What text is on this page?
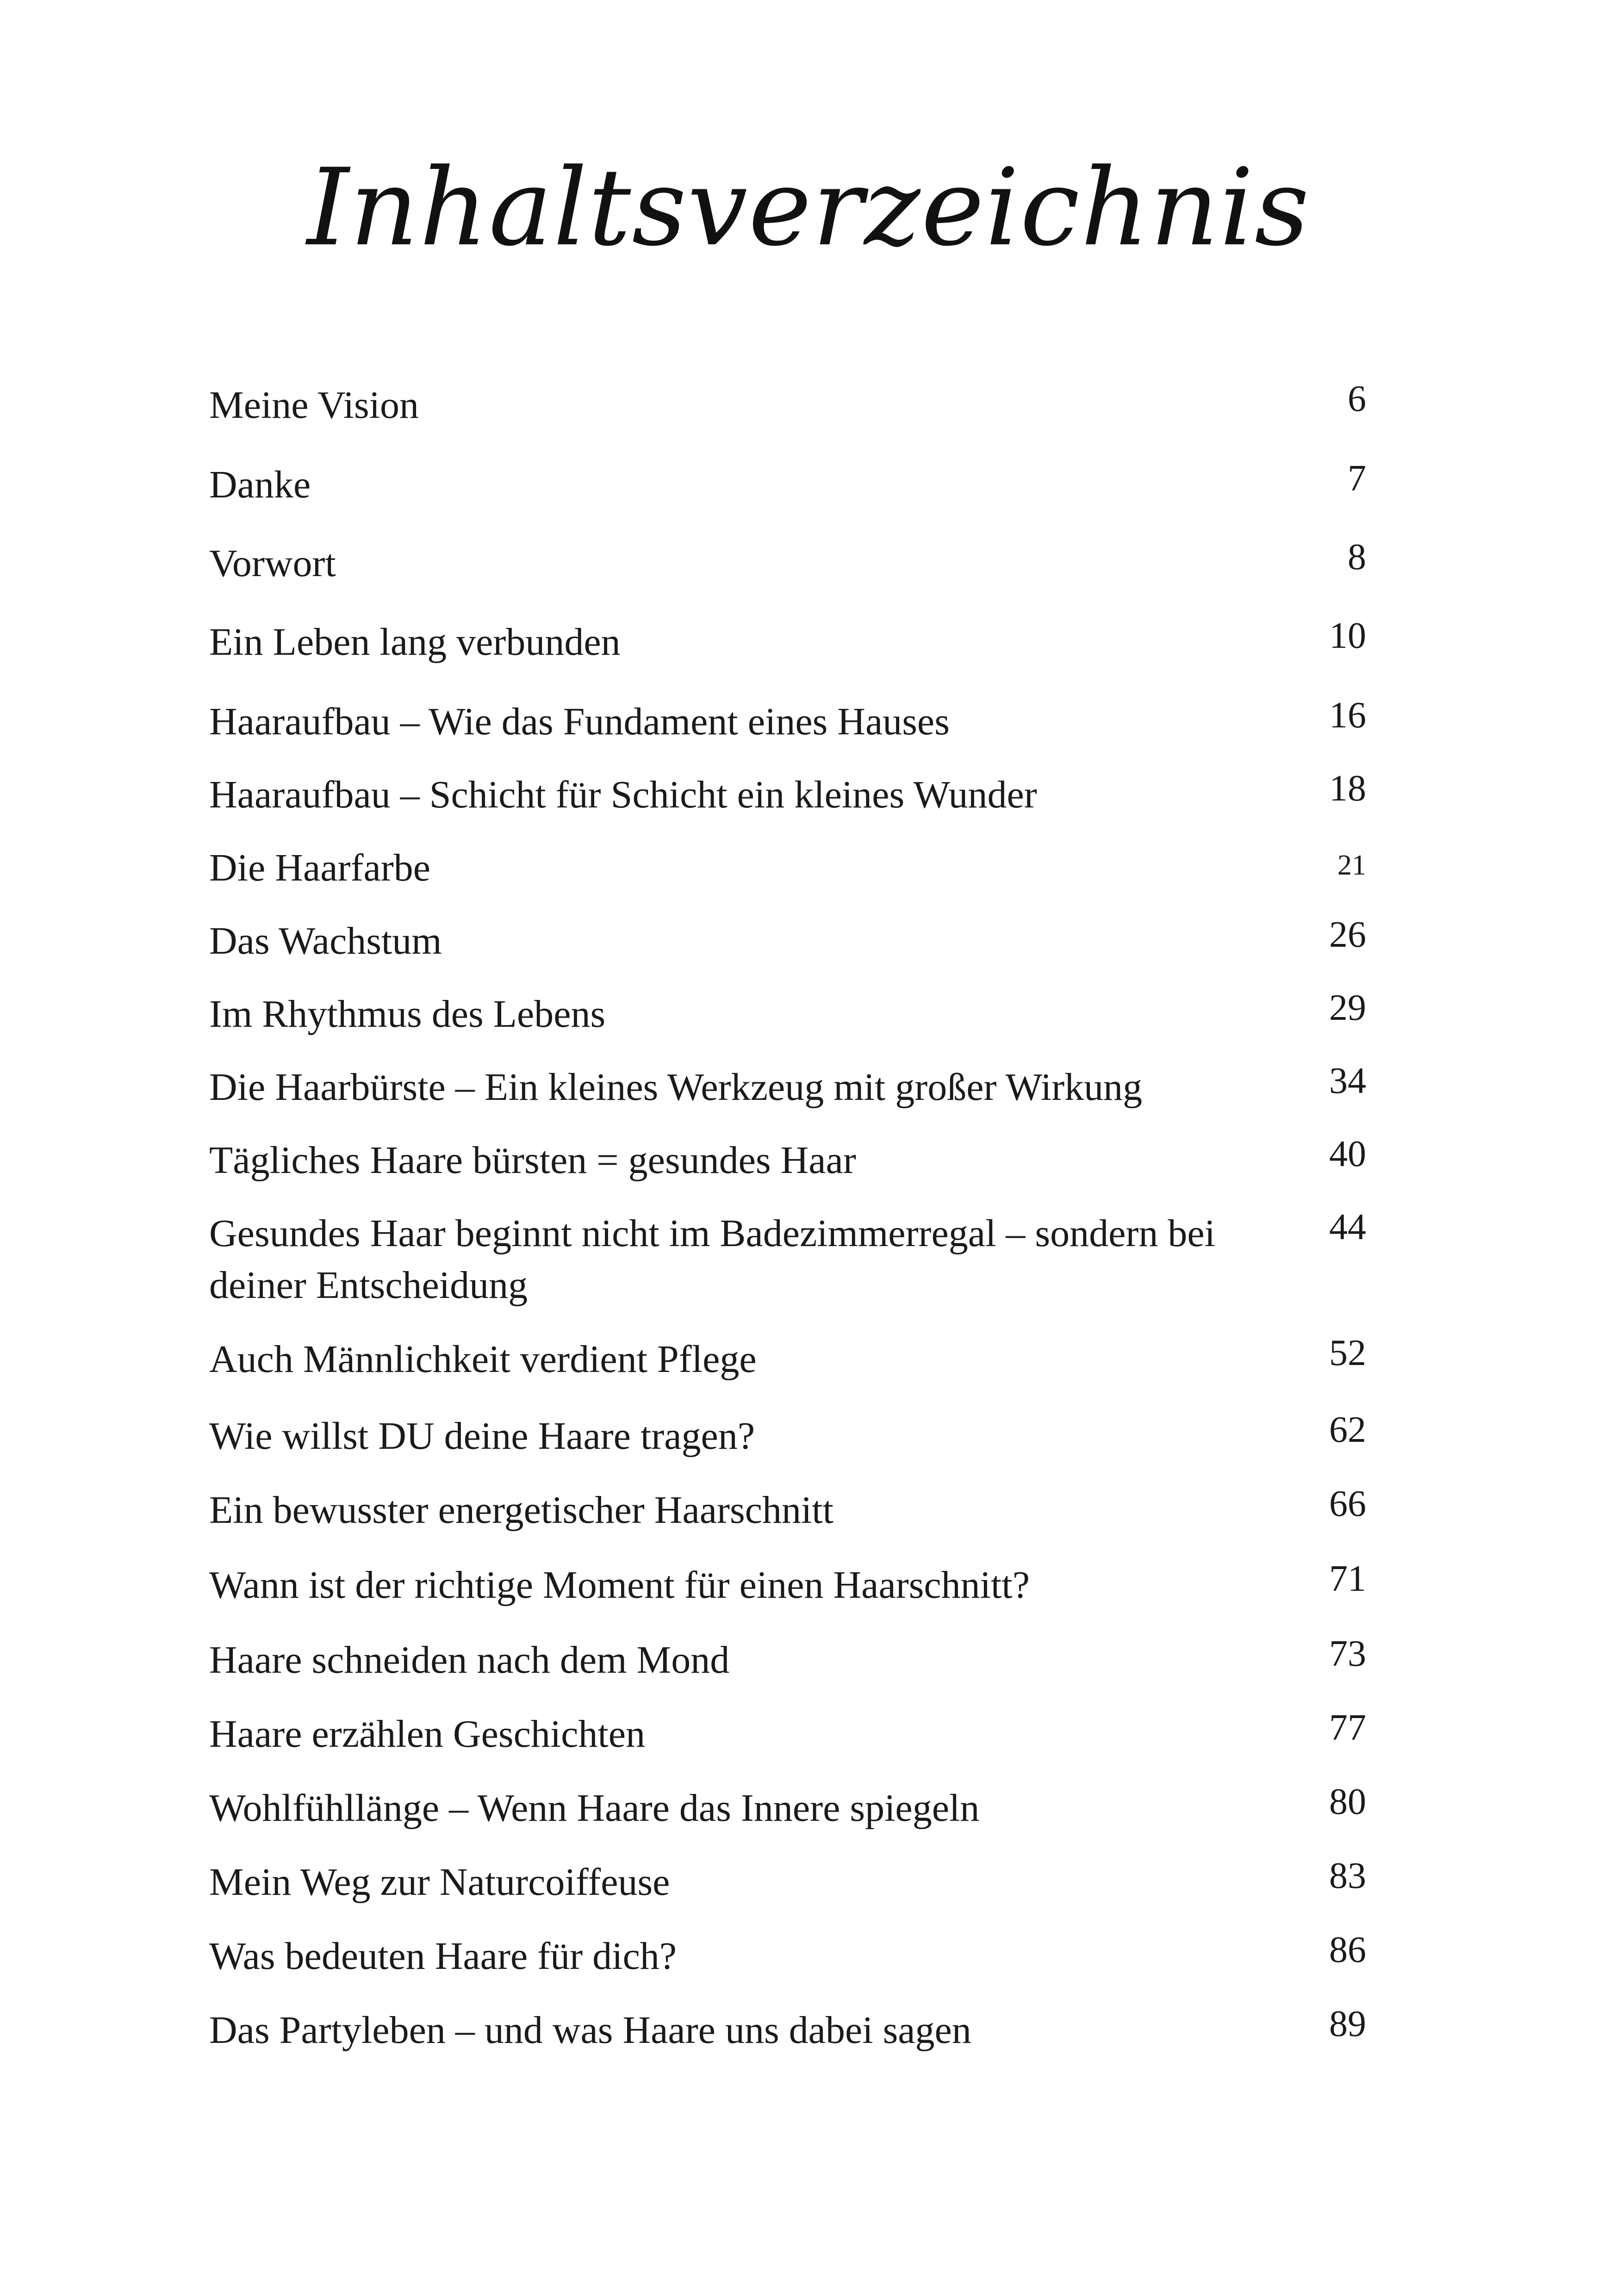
Inhaltsverzeichnis
Meine Vision	6
Danke	7
Vorwort	8
Ein Leben lang verbunden	10
Haaraufbau – Wie das Fundament eines Hauses	16
Haaraufbau – Schicht für Schicht ein kleines Wunder	18
Die Haarfarbe	21
Das Wachstum	26
Im Rhythmus des Lebens	29
Die Haarbürste – Ein kleines Werkzeug mit großer Wirkung	34
Tägliches Haare bürsten = gesundes Haar	40
Gesundes Haar beginnt nicht im Badezimmerregal – sondern bei deiner Entscheidung
44
Auch Männlichkeit verdient Pflege	52
Wie willst DU deine Haare tragen?	62
Ein bewusster energetischer Haarschnitt	66
Wann ist der richtige Moment für einen Haarschnitt?	71
Haare schneiden nach dem Mond	73
Haare erzählen Geschichten	77
Wohlfühllänge – Wenn Haare das Innere spiegeln	80
Mein Weg zur Naturcoiffeuse	83
Was bedeuten Haare für dich?	86
Das Partyleben – und was Haare uns dabei sagen	89
